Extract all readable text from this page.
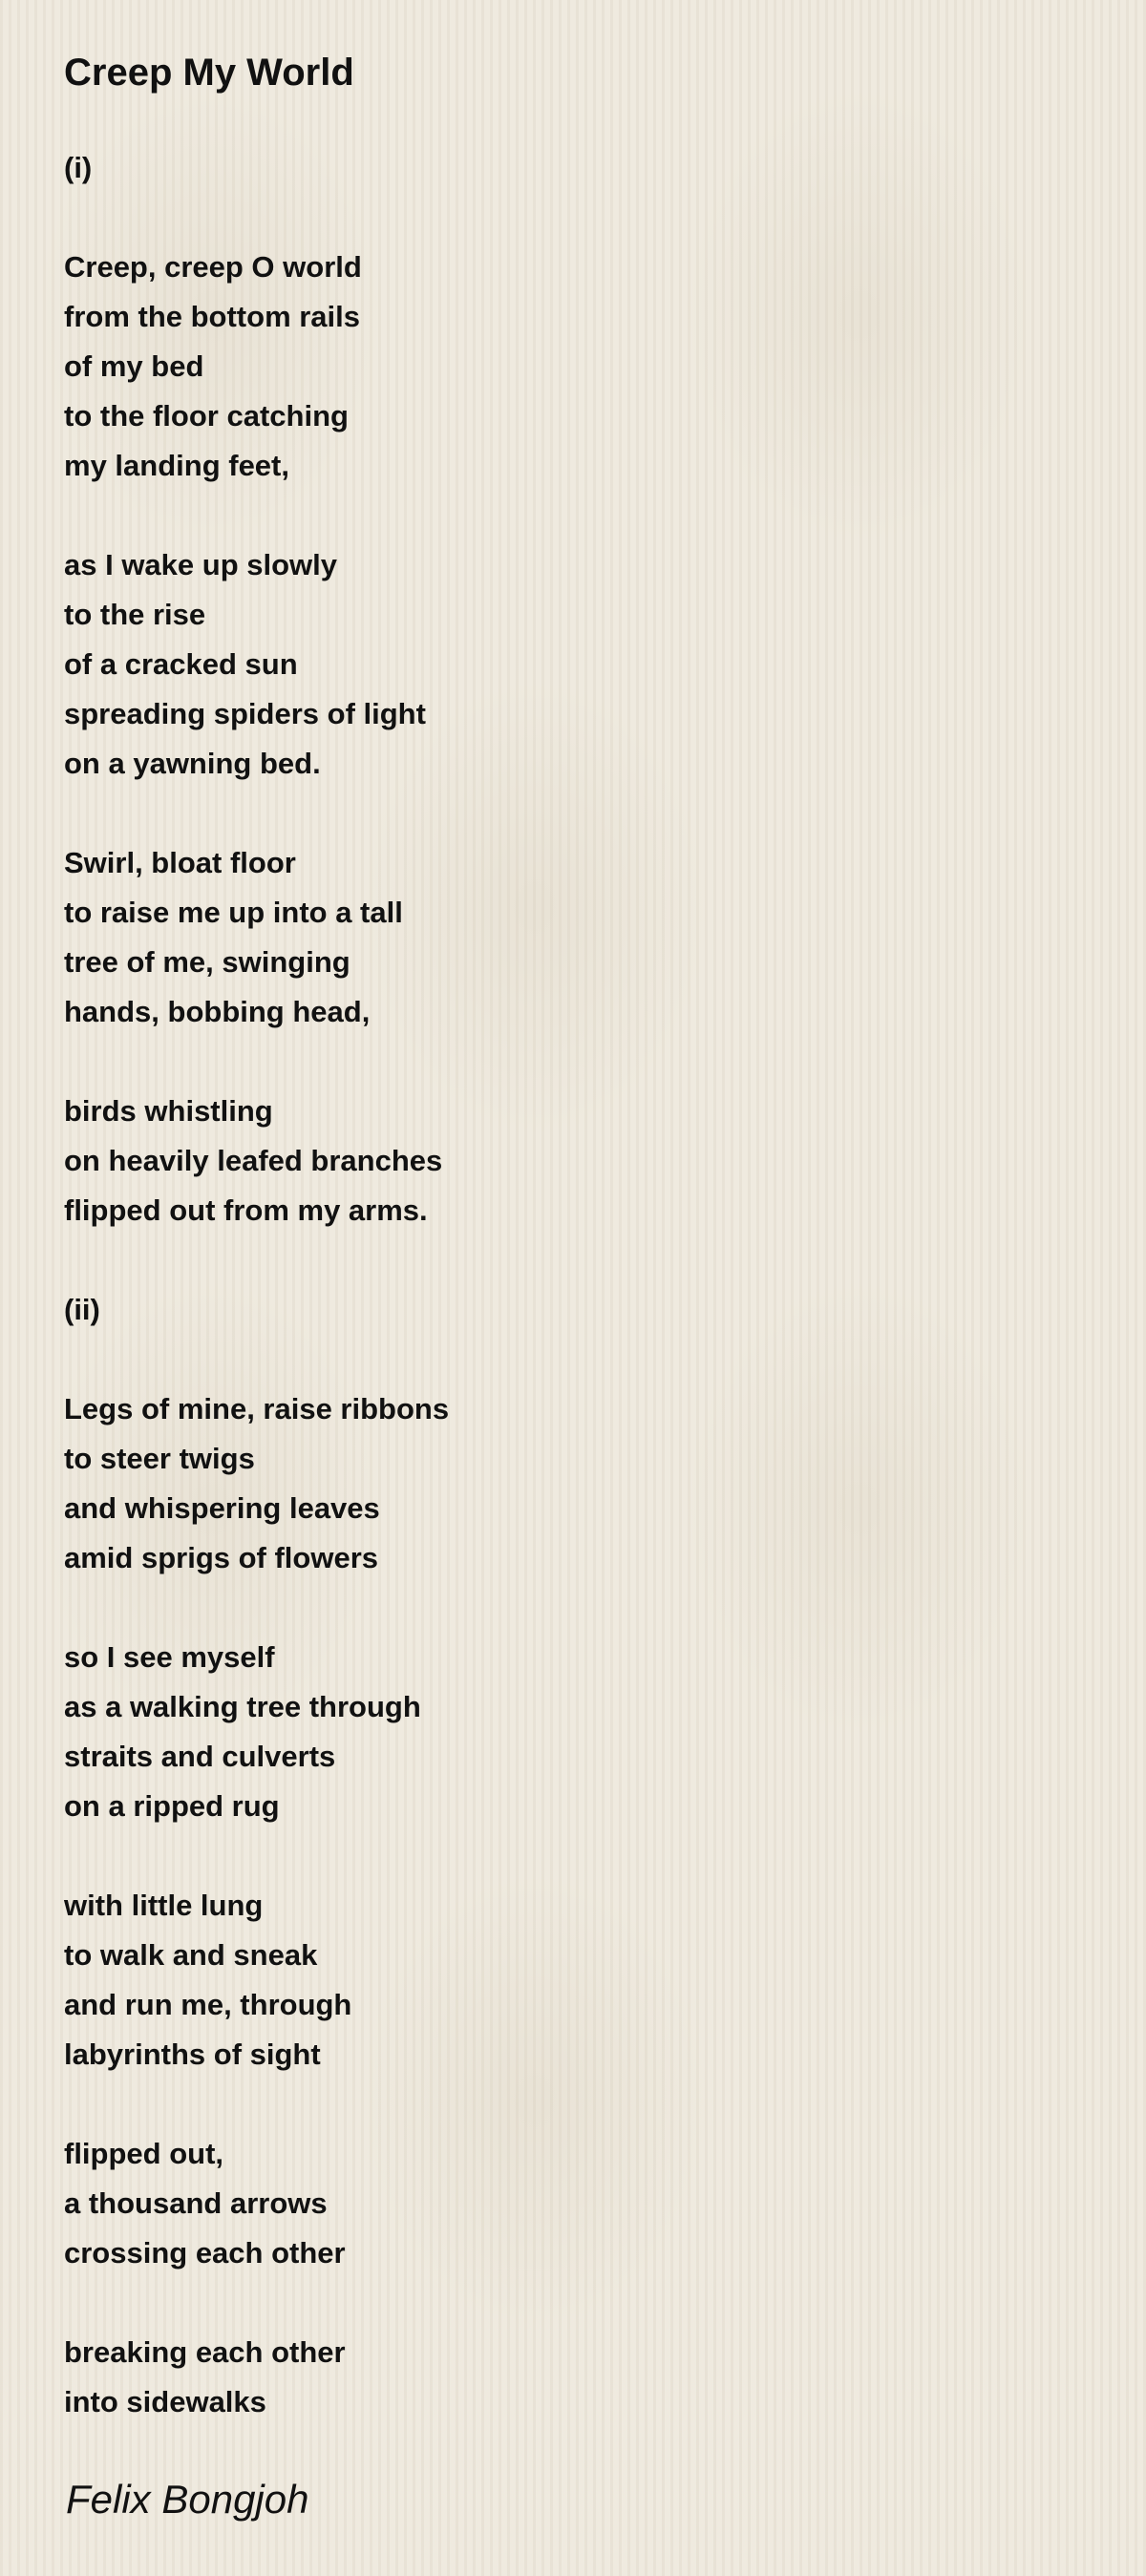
Creep My World
(i)
Creep, creep O world
from the bottom rails
of my bed
to the floor catching
my landing feet,
as I wake up slowly
to the rise
of a cracked sun
spreading spiders of light
on a yawning bed.
Swirl, bloat floor
to raise me up into a tall
tree of me, swinging
hands, bobbing head,
birds whistling
on heavily leafed branches
flipped out from my arms.
(ii)
Legs of mine, raise ribbons
to steer twigs
and whispering leaves
amid sprigs of flowers
so I see myself
as a walking tree through
straits and culverts
on a ripped rug
with little lung
to walk and sneak
and run me, through
labyrinths of sight
flipped out,
a thousand arrows
crossing each other
breaking each other
into sidewalks
Felix Bongjoh
